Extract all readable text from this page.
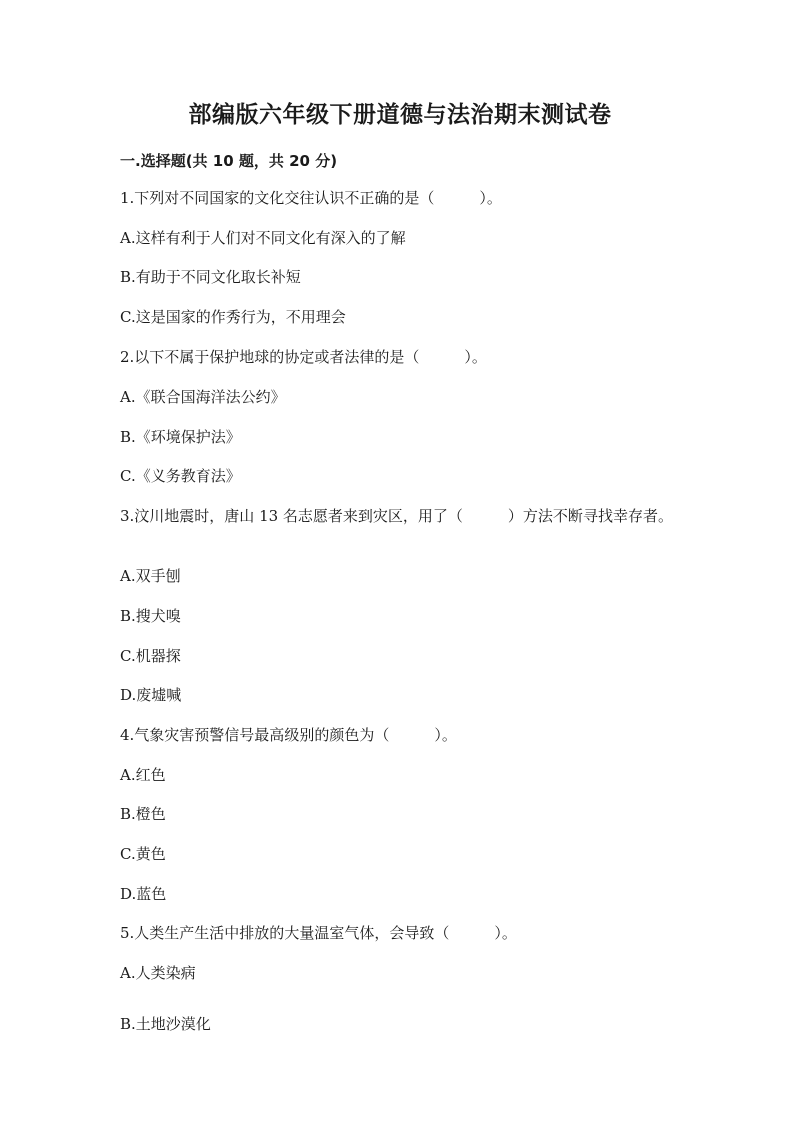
部编版六年级下册道德与法治期末测试卷
一.选择题(共 10 题，共 20 分)
1.下列对不同国家的文化交往认识不正确的是（　　　）。
A.这样有利于人们对不同文化有深入的了解
B.有助于不同文化取长补短
C.这是国家的作秀行为，不用理会
2.以下不属于保护地球的协定或者法律的是（　　　）。
A.《联合国海洋法公约》
B.《环境保护法》
C.《义务教育法》
3.汶川地震时，唐山 13 名志愿者来到灾区，用了（　　　）方法不断寻找幸存者。
A.双手刨
B.搜犬嗅
C.机器探
D.废墟喊
4.气象灾害预警信号最高级别的颜色为（　　　）。
A.红色
B.橙色
C.黄色
D.蓝色
5.人类生产生活中排放的大量温室气体，会导致（　　　）。
A.人类染病
B.土地沙漠化
